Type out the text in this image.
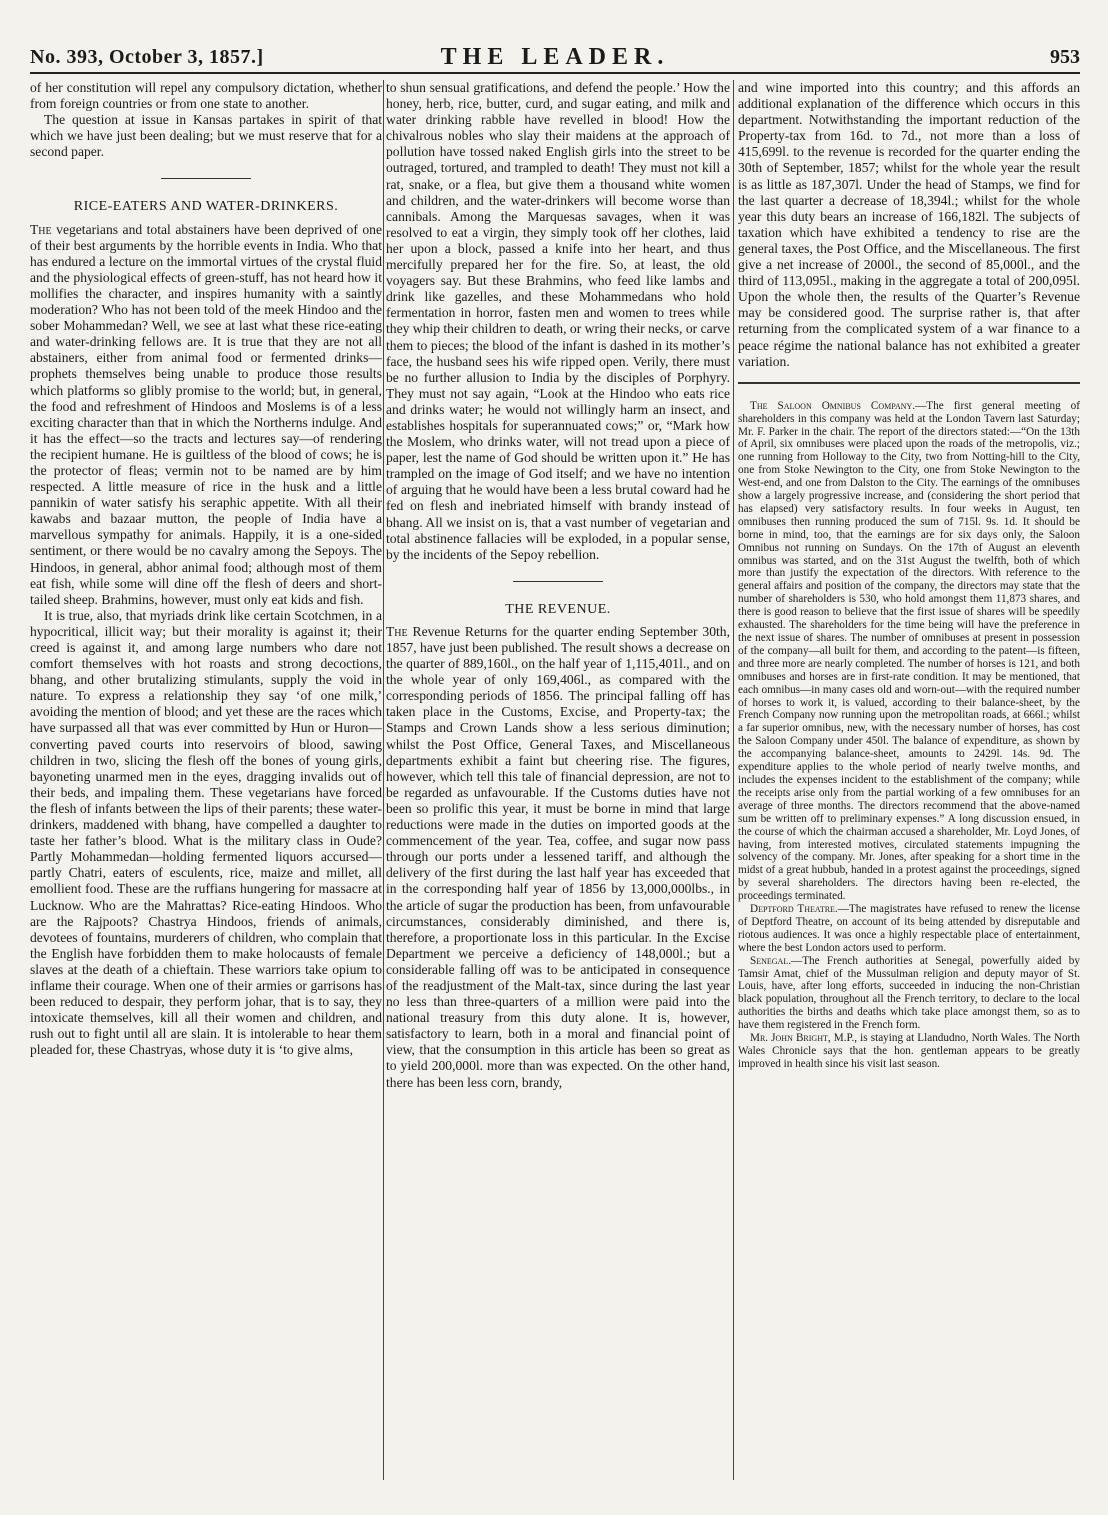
No. 393, October 3, 1857.]	THE LEADER.	953

of her constitution will repel any compulsory dictation, whether from foreign countries or from one state to another.

The question at issue in Kansas partakes in spirit of that which we have just been dealing; but we must reserve that for a second paper.

RICE-EATERS AND WATER-DRINKERS.

The vegetarians and total abstainers have been deprived of one of their best arguments by the horrible events in India. Who that has endured a lecture on the immortal virtues of the crystal fluid and the physiological effects of green-stuff, has not heard how it mollifies the character, and inspires humanity with a saintly moderation? Who has not been told of the meek Hindoo and the sober Mohammedan? Well, we see at last what these rice-eating and water-drinking fellows are. It is true that they are not all abstainers, either from animal food or fermented drinks—prophets themselves being unable to produce those results which platforms so glibly promise to the world; but, in general, the food and refreshment of Hindoos and Moslems is of a less exciting character than that in which the Northerns indulge. And it has the effect—so the tracts and lectures say—of rendering the recipient humane. He is guiltless of the blood of cows; he is the protector of fleas; vermin not to be named are by him respected. A little measure of rice in the husk and a little pannikin of water satisfy his seraphic appetite. With all their kawabs and bazaar mutton, the people of India have a marvellous sympathy for animals. Happily, it is a one-sided sentiment, or there would be no cavalry among the Sepoys. The Hindoos, in general, abhor animal food; although most of them eat fish, while some will dine off the flesh of deers and short-tailed sheep. Brahmins, however, must only eat kids and fish.

It is true, also, that myriads drink like certain Scotchmen, in a hypocritical, illicit way; but their morality is against it; their creed is against it, and among large numbers who dare not comfort themselves with hot roasts and strong decoctions, bhang, and other brutalizing stimulants, supply the void in nature. To express a relationship they say ‘of one milk,’ avoiding the mention of blood; and yet these are the races which have surpassed all that was ever committed by Hun or Huron—converting paved courts into reservoirs of blood, sawing children in two, slicing the flesh off the bones of young girls, bayoneting unarmed men in the eyes, dragging invalids out of their beds, and impaling them. These vegetarians have forced the flesh of infants between the lips of their parents; these water-drinkers, maddened with bhang, have compelled a daughter to taste her father’s blood. What is the military class in Oude? Partly Mohammedan—holding fermented liquors accursed—partly Chatri, eaters of esculents, rice, maize and millet, all emollient food. These are the ruffians hungering for massacre at Lucknow. Who are the Mahrattas? Rice-eating Hindoos. Who are the Rajpoots? Chastrya Hindoos, friends of animals, devotees of fountains, murderers of children, who complain that the English have forbidden them to make holocausts of female slaves at the death of a chieftain. These warriors take opium to inflame their courage. When one of their armies or garrisons has been reduced to despair, they perform johar, that is to say, they intoxicate themselves, kill all their women and children, and rush out to fight until all are slain. It is intolerable to hear them pleaded for, these Chastryas, whose duty it is ‘to give alms,

to shun sensual gratifications, and defend the people.’ How the honey, herb, rice, butter, curd, and sugar eating, and milk and water drinking rabble have revelled in blood! How the chivalrous nobles who slay their maidens at the approach of pollution have tossed naked English girls into the street to be outraged, tortured, and trampled to death! They must not kill a rat, snake, or a flea, but give them a thousand white women and children, and the water-drinkers will become worse than cannibals. Among the Marquesas savages, when it was resolved to eat a virgin, they simply took off her clothes, laid her upon a block, passed a knife into her heart, and thus mercifully prepared her for the fire. So, at least, the old voyagers say. But these Brahmins, who feed like lambs and drink like gazelles, and these Mohammedans who hold fermentation in horror, fasten men and women to trees while they whip their children to death, or wring their necks, or carve them to pieces; the blood of the infant is dashed in its mother’s face, the husband sees his wife ripped open. Verily, there must be no further allusion to India by the disciples of Porphyry. They must not say again, “Look at the Hindoo who eats rice and drinks water; he would not willingly harm an insect, and establishes hospitals for superannuated cows;” or, “Mark how the Moslem, who drinks water, will not tread upon a piece of paper, lest the name of God should be written upon it.” He has trampled on the image of God itself; and we have no intention of arguing that he would have been a less brutal coward had he fed on flesh and inebriated himself with brandy instead of bhang. All we insist on is, that a vast number of vegetarian and total abstinence fallacies will be exploded, in a popular sense, by the incidents of the Sepoy rebellion.

THE REVENUE.

The Revenue Returns for the quarter ending September 30th, 1857, have just been published. The result shows a decrease on the quarter of 889,160l., on the half year of 1,115,401l., and on the whole year of only 169,406l., as compared with the corresponding periods of 1856. The principal falling off has taken place in the Customs, Excise, and Property-tax; the Stamps and Crown Lands show a less serious diminution; whilst the Post Office, General Taxes, and Miscellaneous departments exhibit a faint but cheering rise. The figures, however, which tell this tale of financial depression, are not to be regarded as unfavourable. If the Customs duties have not been so prolific this year, it must be borne in mind that large reductions were made in the duties on imported goods at the commencement of the year. Tea, coffee, and sugar now pass through our ports under a lessened tariff, and although the delivery of the first during the last half year has exceeded that in the corresponding half year of 1856 by 13,000,000lbs., in the article of sugar the production has been, from unfavourable circumstances, considerably diminished, and there is, therefore, a proportionate loss in this particular. In the Excise Department we perceive a deficiency of 148,000l.; but a considerable falling off was to be anticipated in consequence of the readjustment of the Malt-tax, since during the last year no less than three-quarters of a million were paid into the national treasury from this duty alone. It is, however, satisfactory to learn, both in a moral and financial point of view, that the consumption in this article has been so great as to yield 200,000l. more than was expected. On the other hand, there has been less corn, brandy,

and wine imported into this country; and this affords an additional explanation of the difference which occurs in this department. Notwithstanding the important reduction of the Property-tax from 16d. to 7d., not more than a loss of 415,699l. to the revenue is recorded for the quarter ending the 30th of September, 1857; whilst for the whole year the result is as little as 187,307l. Under the head of Stamps, we find for the last quarter a decrease of 18,394l.; whilst for the whole year this duty bears an increase of 166,182l. The subjects of taxation which have exhibited a tendency to rise are the general taxes, the Post Office, and the Miscellaneous. The first give a net increase of 2000l., the second of 85,000l., and the third of 113,095l., making in the aggregate a total of 200,095l. Upon the whole then, the results of the Quarter’s Revenue may be considered good. The surprise rather is, that after returning from the complicated system of a war finance to a peace régime the national balance has not exhibited a greater variation.

The Saloon Omnibus Company.—The first general meeting of shareholders in this company was held at the London Tavern last Saturday; Mr. F. Parker in the chair. The report of the directors stated:—“On the 13th of April, six omnibuses were placed upon the roads of the metropolis, viz.; one running from Holloway to the City, two from Notting-hill to the City, one from Stoke Newington to the City, one from Stoke Newington to the West-end, and one from Dalston to the City. The earnings of the omnibuses show a largely progressive increase, and (considering the short period that has elapsed) very satisfactory results. In four weeks in August, ten omnibuses then running produced the sum of 715l. 9s. 1d. It should be borne in mind, too, that the earnings are for six days only, the Saloon Omnibus not running on Sundays. On the 17th of August an eleventh omnibus was started, and on the 31st August the twelfth, both of which more than justify the expectation of the directors. With reference to the general affairs and position of the company, the directors may state that the number of shareholders is 530, who hold amongst them 11,873 shares, and there is good reason to believe that the first issue of shares will be speedily exhausted. The shareholders for the time being will have the preference in the next issue of shares. The number of omnibuses at present in possession of the company—all built for them, and according to the patent—is fifteen, and three more are nearly completed. The number of horses is 121, and both omnibuses and horses are in first-rate condition. It may be mentioned, that each omnibus—in many cases old and worn-out—with the required number of horses to work it, is valued, according to their balance-sheet, by the French Company now running upon the metropolitan roads, at 666l.; whilst a far superior omnibus, new, with the necessary number of horses, has cost the Saloon Company under 450l. The balance of expenditure, as shown by the accompanying balance-sheet, amounts to 2429l. 14s. 9d. The expenditure applies to the whole period of nearly twelve months, and includes the expenses incident to the establishment of the company; while the receipts arise only from the partial working of a few omnibuses for an average of three months. The directors recommend that the above-named sum be written off to preliminary expenses.” A long discussion ensued, in the course of which the chairman accused a shareholder, Mr. Loyd Jones, of having, from interested motives, circulated statements impugning the solvency of the company. Mr. Jones, after speaking for a short time in the midst of a great hubbub, handed in a protest against the proceedings, signed by several shareholders. The directors having been re-elected, the proceedings terminated.

Deptford Theatre.—The magistrates have refused to renew the license of Deptford Theatre, on account of its being attended by disreputable and riotous audiences. It was once a highly respectable place of entertainment, where the best London actors used to perform.

Senegal.—The French authorities at Senegal, powerfully aided by Tamsir Amat, chief of the Mussulman religion and deputy mayor of St. Louis, have, after long efforts, succeeded in inducing the non-Christian black population, throughout all the French territory, to declare to the local authorities the births and deaths which take place amongst them, so as to have them registered in the French form.

Mr. John Bright, M.P., is staying at Llandudno, North Wales. The North Wales Chronicle says that the hon. gentleman appears to be greatly improved in health since his visit last season.
